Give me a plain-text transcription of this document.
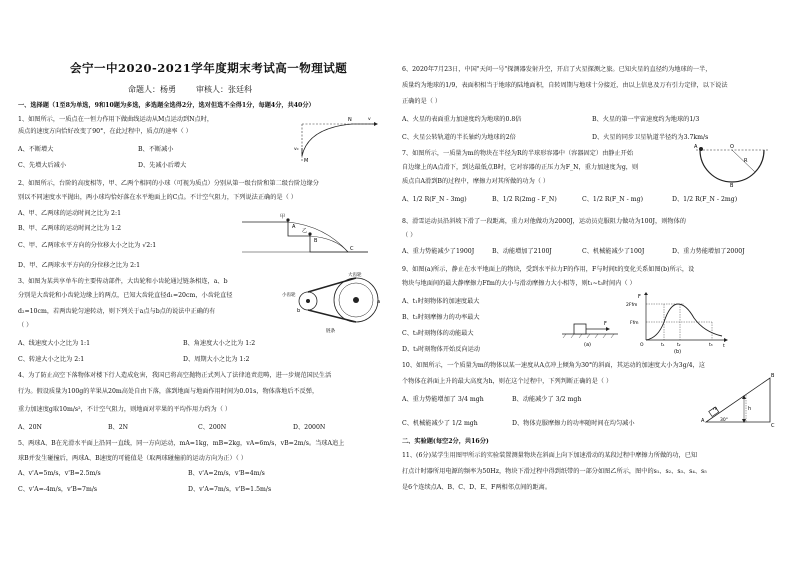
会宁一中2020-2021学年度期末考试高一物理试题
命题人：杨勇	审核人：张廷科
一、选择题（1至8为单选，9和10题为多选，多选题全选得2分，选对但选不全得1分，每题4分，共40分）
1、如图所示，一质点在一恒力作用下做曲线运动从M点运动到N点时，
质点的速度方向恰好改变了90°，在此过程中，质点的速率（ ）
A、不断增大	B、不断减小
C、先增大后减小	D、先减小后增大
v₀
M
N	v
2、如图所示，台阶的高度相等，甲、乙两个相同的小球（可视为质点）分别从第一级台阶和第二级台阶边缘分
别以不同速度水平抛出，两小球均恰好落在水平地面上的C点。不计空气阻力，下列说法正确的是（ ）
A、甲、乙两球的运动时间之比为 2:1
B、甲、乙两球的运动时间之比为 1:2
C、甲、乙两球水平方向的分位移大小之比为 √2:1
D、甲、乙两球水平方向的分位移之比为 2:1
甲
乙
A
B
C
3、如图为某共享单车的主要传动部件，大齿轮和小齿轮通过链条相连，a、b
分别是大齿轮和小齿轮边缘上的两点，已知大齿轮直径d₁=20cm，小齿轮直径
d₂=10cm，若两齿轮匀速转动，则下列关于a点与b点的说法中正确的有
（ ）
A、线速度大小之比为 1:1	B、角速度大小之比为 1:2
C、转速大小之比为 2:1	D、周期大小之比为 1:2
大齿轮
小齿轮
链条
a
b
4、为了防止高空下落物体对楼下行人造成危害，我国已将高空抛物正式列入了法律追责范畴，进一步规范国民生活
行为。假设质量为100g的苹果从20m高处自由下落，落到地面与地面作用时间为0.01s，物体落地后不反弹，
重力加速度g取10m/s²，不计空气阻力，则地面对苹果的平均作用力约为（ ）
A、20N	B、2N	C、200N	D、2000N
5、两球A、B在光滑水平面上沿同一直线，同一方向运动，mA=1kg，mB=2kg，vA=6m/s，vB=2m/s。当球A追上
球B并发生碰撞后，两球A、B速度的可能值是（取两球碰撞前的运动方向为正）（ ）
A、v'A=5m/s，v'B=2.5m/s	B、v'A=2m/s，v'B=4m/s
C、v'A=-4m/s，v'B=7m/s	D、v'A=7m/s，v'B=1.5m/s
6、2020年7月23日，中国"天问一号"探测器发射升空，开启了火星探测之旅。已知火星的直径约为地球的一半，
质量约为地球的1/9，表面积相当于地球的陆地面积，自转周期与地球十分接近，由以上信息及万有引力定律，以下说法
正确的是（ ）
A、火星的表面重力加速度约为地球的0.8倍	B、火星的第一宇宙速度约为地球的1/3
C、火星公转轨道的半长轴约为地球的2倍	D、火星的同步卫星轨道半径约为3.7km/s
7、如图所示，一质量为m的物块在半径为R的半球形容器中（容器固定）由静止开始
自边缘上的A点滑下，到达最低点B时，它对容器的正压力为F_N，重力加速度为g，则
质点自A滑到B的过程中，摩擦力对其所做的功为（ ）
A、1/2 R(F_N - 3mg)	B、1/2 R(2mg - F_N)	C、1/2 R(F_N - mg)	D、1/2 R(F_N - 2mg)
A	O
R
B
8、滑雪运动员沿斜坡下滑了一段距离，重力对他做功为2000J，运动员克服阻力做功为100J，则物体的
（ ）
A、重力势能减少了1900J	B、动能增加了2100J	C、机械能减少了100J	D、重力势能增加了2000J
9、如图(a)所示，静止在水平地面上的物块，受到水平拉力F的作用，F与时间t的变化关系如图(b)所示，设
物块与地面间的最大静摩擦力Ffm的大小与滑动摩擦力大小相等，则t₁~t₃时间内（ ）
A、t₁时刻物体的加速度最大
B、t₂时刻摩擦力的功率最大
C、t₃时刻物体的动能最大
D、t₃时刻物体开始反向运动
F
(a)
F
2Ffm
Ffm
O	t₁	t₂	t₃ t
(b)
10、如图所示，一个质量为m的物体以某一速度从A点冲上倾角为30°的斜面，其运动的加速度大小为3g/4，这
个物体在斜面上升的最大高度为h，则在这个过程中，下列判断正确的是（ ）
A、重力势能增加了 3/4 mgh	B、动能减少了 3/2 mgh
C、机械能减少了 1/2 mgh	D、物体克服摩擦力的功率随时间在均匀减小	A
B
C
m	h
30°
二、实验题(每空2分，共16分)
11、(6分)某学生用图甲所示的实验装置测量物块在斜面上向下加速滑动的某段过程中摩擦力所做的功，已知
打点计时器所用电源的频率为50Hz，物块下滑过程中得到纸带的一部分如图乙所示，图中的s₁、s₂、s₃、s₄、s₅
是6个连续点A、B、C、D、E、F两相邻点间的距离。
